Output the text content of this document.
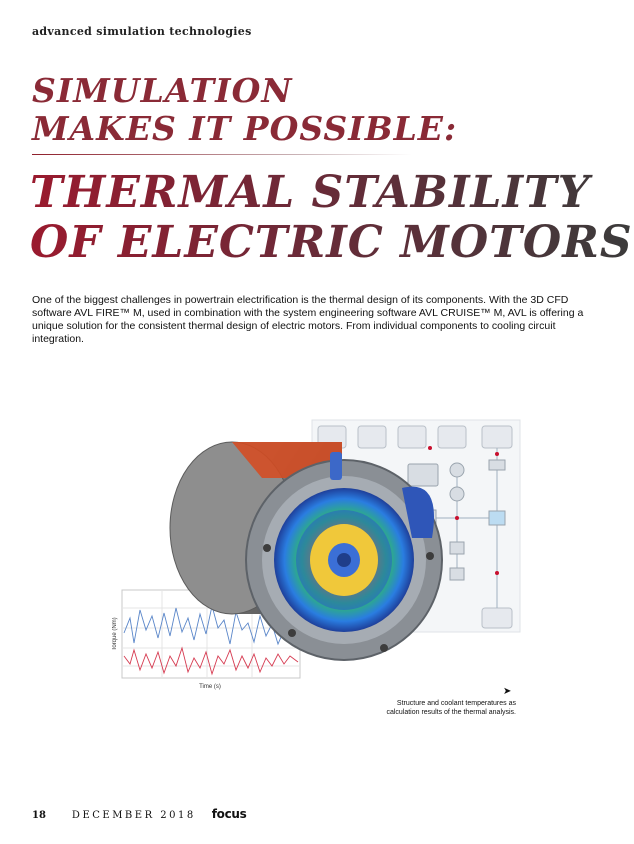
advanced simulation technologies
SIMULATION
MAKES IT POSSIBLE:
THERMAL STABILITY
OF ELECTRIC MOTORS

One of the biggest challenges in powertrain electrification is the thermal design of its components. With the 3D CFD software AVL FIRE™ M, used in combination with the system engineering software AVL CRUISE™ M, AVL is offering a unique solution for the consistent thermal design of electric motors. From individual components to cooling circuit integration.

Time (s)
Torque (Nm)
➤
Structure and coolant temperatures as calculation results of the thermal analysis.
18	DECEMBER 2018 focus
